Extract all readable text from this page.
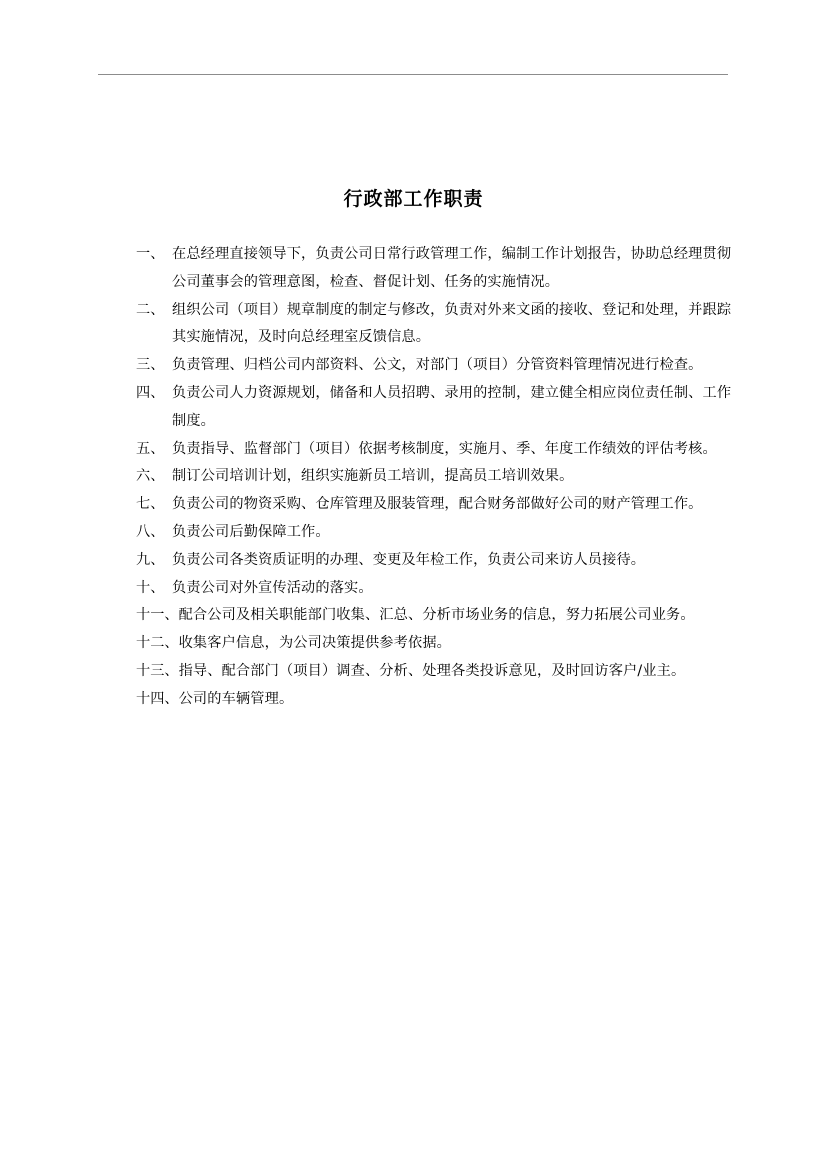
行政部工作职责
一、 在总经理直接领导下，负责公司日常行政管理工作，编制工作计划报告，协助总经理贯彻公司董事会的管理意图，检查、督促计划、任务的实施情况。
二、 组织公司（项目）规章制度的制定与修改，负责对外来文函的接收、登记和处理，并跟踪其实施情况，及时向总经理室反馈信息。
三、 负责管理、归档公司内部资料、公文，对部门（项目）分管资料管理情况进行检查。
四、 负责公司人力资源规划，储备和人员招聘、录用的控制，建立健全相应岗位责任制、工作制度。
五、 负责指导、监督部门（项目）依据考核制度，实施月、季、年度工作绩效的评估考核。
六、 制订公司培训计划，组织实施新员工培训，提高员工培训效果。
七、 负责公司的物资采购、仓库管理及服装管理，配合财务部做好公司的财产管理工作。
八、 负责公司后勤保障工作。
九、 负责公司各类资质证明的办理、变更及年检工作，负责公司来访人员接待。
十、 负责公司对外宣传活动的落实。
十一、 配合公司及相关职能部门收集、汇总、分析市场业务的信息，努力拓展公司业务。
十二、 收集客户信息，为公司决策提供参考依据。
十三、 指导、配合部门（项目）调查、分析、处理各类投诉意见，及时回访客户/业主。
十四、 公司的车辆管理。
